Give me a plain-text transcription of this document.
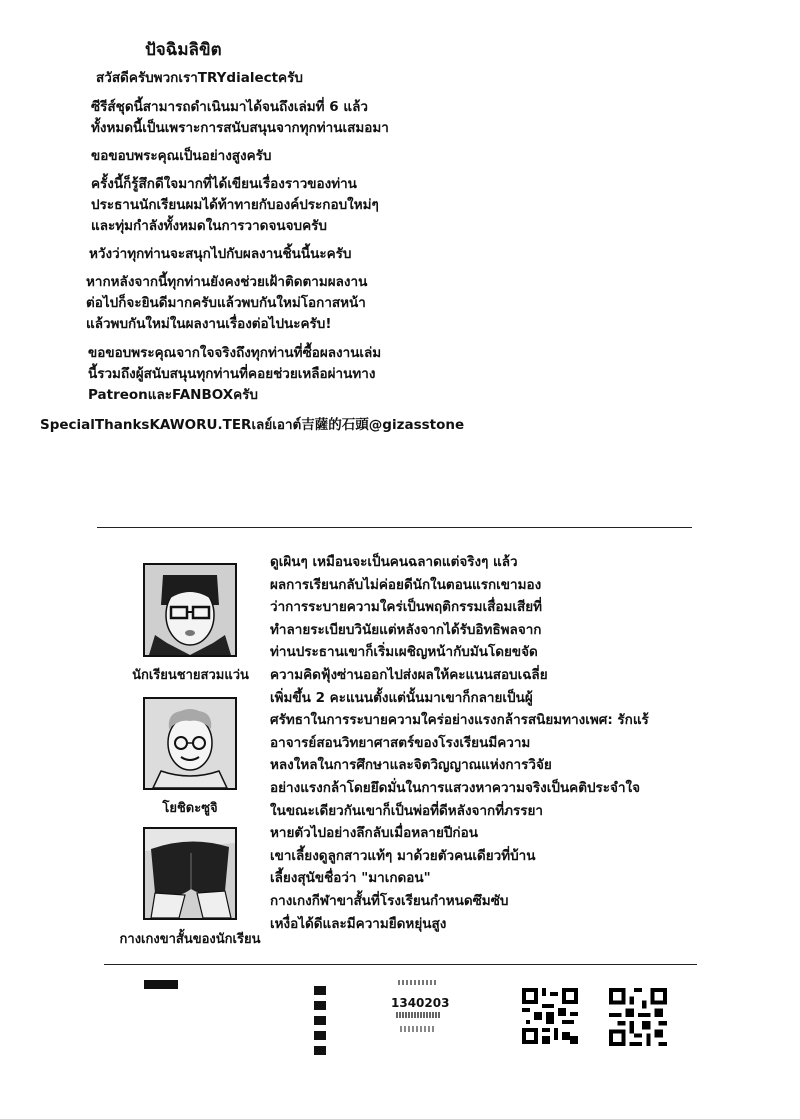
ปัจฉิมลิขิต
สวัสดีครับพวกเราTRYdialectครับ
ซีรีส์ชุดนี้สามารถดำเนินมาได้จนถึงเล่มที่ 6 แล้ว
ทั้งหมดนี้เป็นเพราะการสนับสนุนจากทุกท่านเสมอมา
ขอขอบพระคุณเป็นอย่างสูงครับ
ครั้งนี้ก็รู้สึกดีใจมากที่ได้เขียนเรื่องราวของท่าน
ประธานนักเรียนผมได้ท้าทายกับองค์ประกอบใหม่ๆ
และทุ่มกำลังทั้งหมดในการวาดจนจบครับ
หวังว่าทุกท่านจะสนุกไปกับผลงานชิ้นนี้นะครับ
หากหลังจากนี้ทุกท่านยังคงช่วยเฝ้าติดตามผลงาน
ต่อไปก็จะยินดีมากครับแล้วพบกันใหม่โอกาสหน้า
แล้วพบกันใหม่ในผลงานเรื่องต่อไปนะครับ!
ขอขอบพระคุณจากใจจริงถึงทุกท่านที่ซื้อผลงานเล่ม
นี้รวมถึงผู้สนับสนุนทุกท่านที่คอยช่วยเหลือผ่านทาง
PatreonและFANBOXครับ
SpecialThanksKAWORU.TERเลย์เอาต์吉薩的石頭@gizasstone
นักเรียนชายสวมแว่น
โยชิดะซูจิ
กางเกงขาสั้นของนักเรียน
ดูเผินๆ เหมือนจะเป็นคนฉลาดแต่จริงๆ แล้ว
ผลการเรียนกลับไม่ค่อยดีนักในตอนแรกเขามอง
ว่าการระบายความใคร่เป็นพฤติกรรมเสื่อมเสียที่
ทำลายระเบียบวินัยแต่หลังจากได้รับอิทธิพลจาก
ท่านประธานเขาก็เริ่มเผชิญหน้ากับมันโดยขจัด
ความคิดฟุ้งซ่านออกไปส่งผลให้คะแนนสอบเฉลี่ย
เพิ่มขึ้น 2 คะแนนตั้งแต่นั้นมาเขาก็กลายเป็นผู้
ศรัทธาในการระบายความใคร่อย่างแรงกล้ารสนิยมทางเพศ: รักแร้
อาจารย์สอนวิทยาศาสตร์ของโรงเรียนมีความ
หลงใหลในการศึกษาและจิตวิญญาณแห่งการวิจัย
อย่างแรงกล้าโดยยึดมั่นในการแสวงหาความจริงเป็นคติประจำใจ
ในขณะเดียวกันเขาก็เป็นพ่อที่ดีหลังจากที่ภรรยา
หายตัวไปอย่างลึกลับเมื่อหลายปีก่อน
เขาเลี้ยงดูลูกสาวแท้ๆ มาด้วยตัวคนเดียวที่บ้าน
เลี้ยงสุนัขชื่อว่า "มาเกดอน"
กางเกงกีฬาขาสั้นที่โรงเรียนกำหนดซึมซับ
เหงื่อได้ดีและมีความยืดหยุ่นสูง
1340203
